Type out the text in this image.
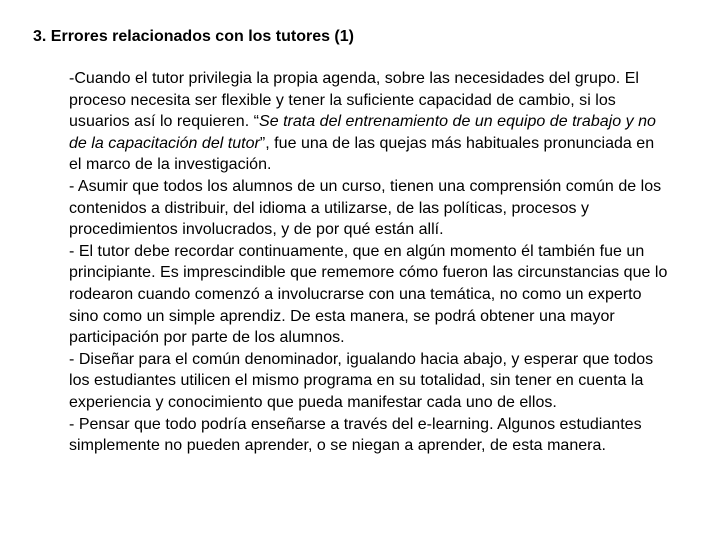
3. Errores relacionados con los tutores (1)

-Cuando el tutor privilegia la propia agenda, sobre las necesidades del grupo. El proceso necesita ser flexible y tener la suficiente capacidad de cambio, si los usuarios así lo requieren. “Se trata del entrenamiento de un equipo de trabajo y no de la capacitación del tutor”, fue una de las quejas más habituales pronunciada en el marco de la investigación.

- Asumir que todos los alumnos de un curso, tienen una comprensión común de los contenidos a distribuir, del idioma a utilizarse, de las políticas, procesos y procedimientos involucrados, y de por qué están allí.

- El tutor debe recordar continuamente, que en algún momento él también fue un principiante. Es imprescindible que rememore cómo fueron las circunstancias que lo rodearon cuando comenzó a involucrarse con una temática, no como un experto sino como un simple aprendiz. De esta manera, se podrá obtener una mayor participación por parte de los alumnos.

- Diseñar para el común denominador, igualando hacia abajo, y esperar que todos los estudiantes utilicen el mismo programa en su totalidad, sin tener en cuenta la experiencia y conocimiento que pueda manifestar cada uno de ellos.

- Pensar que todo podría enseñarse a través del e-learning. Algunos estudiantes simplemente no pueden aprender, o se niegan a aprender, de esta manera.
